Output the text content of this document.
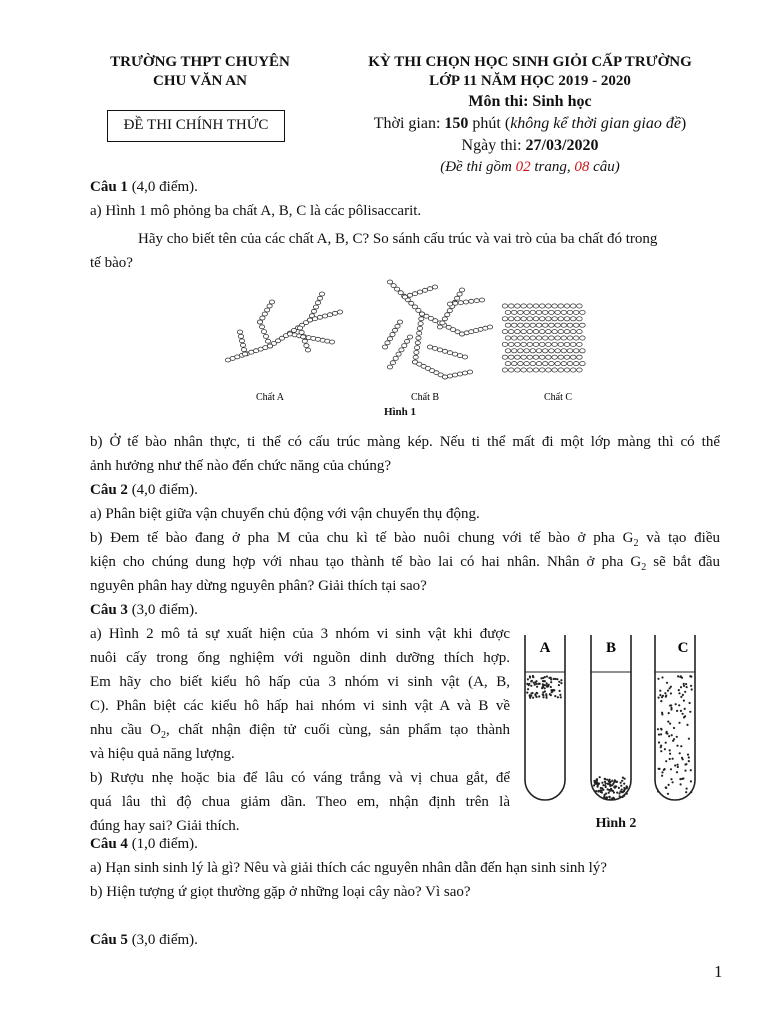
TRƯỜNG THPT CHUYÊN
CHU VĂN AN
ĐỀ THI CHÍNH THỨC
KỲ THI CHỌN HỌC SINH GIỎI CẤP TRƯỜNG
LỚP 11 NĂM HỌC 2019 - 2020
Môn thi: Sinh học
Thời gian: 150 phút (không kể thời gian giao đề)
Ngày thi: 27/03/2020
(Đề thi gồm 02 trang, 08 câu)
Câu 1 (4,0 điểm).
a) Hình 1 mô phỏng ba chất A, B, C là các pôlisaccarit.
Hãy cho biết tên của các chất A, B, C? So sánh cấu trúc và vai trò của ba chất đó trong
tế bào?
Chất A	Chất B	Chất C
Hình 1
b) Ở tế bào nhân thực, ti thể có cấu trúc màng kép. Nếu ti thể mất đi một lớp màng thì có thể
ảnh hưởng như thế nào đến chức năng của chúng?
Câu 2 (4,0 điểm).
a) Phân biệt giữa vận chuyển chủ động với vận chuyển thụ động.
b) Đem tế bào đang ở pha M của chu kì tế bào nuôi chung với tế bào ở pha $G_2$ và tạo điều
kiện cho chúng dung hợp với nhau tạo thành tế bào lai có hai nhân. Nhân ở pha $G_2$ sẽ bắt đầu
nguyên phân hay dừng nguyên phân? Giải thích tại sao?
Câu 3 (3,0 điểm).
a) Hình 2 mô tả sự xuất hiện của 3 nhóm vi sinh vật khi được
nuôi cấy trong ống nghiệm với nguồn dinh dưỡng thích hợp.
Em hãy cho biết kiểu hô hấp của 3 nhóm vi sinh vật (A, B,
C). Phân biệt các kiểu hô hấp hai nhóm vi sinh vật A và B về
nhu cầu $O_2$, chất nhận điện tử cuối cùng, sản phẩm tạo thành
và hiệu quả năng lượng.
b) Rượu nhẹ hoặc bia để lâu có váng trắng và vị chua gắt, để
quá lâu thì độ chua giảm dần. Theo em, nhận định trên là
đúng hay sai? Giải thích.
A	B	C
Hình 2
Câu 4 (1,0 điểm).
a) Hạn sinh sinh lý là gì? Nêu và giải thích các nguyên nhân dẫn đến hạn sinh sinh lý?
b) Hiện tượng ứ giọt thường gặp ở những loại cây nào? Vì sao?
Câu 5 (3,0 điểm).
1
